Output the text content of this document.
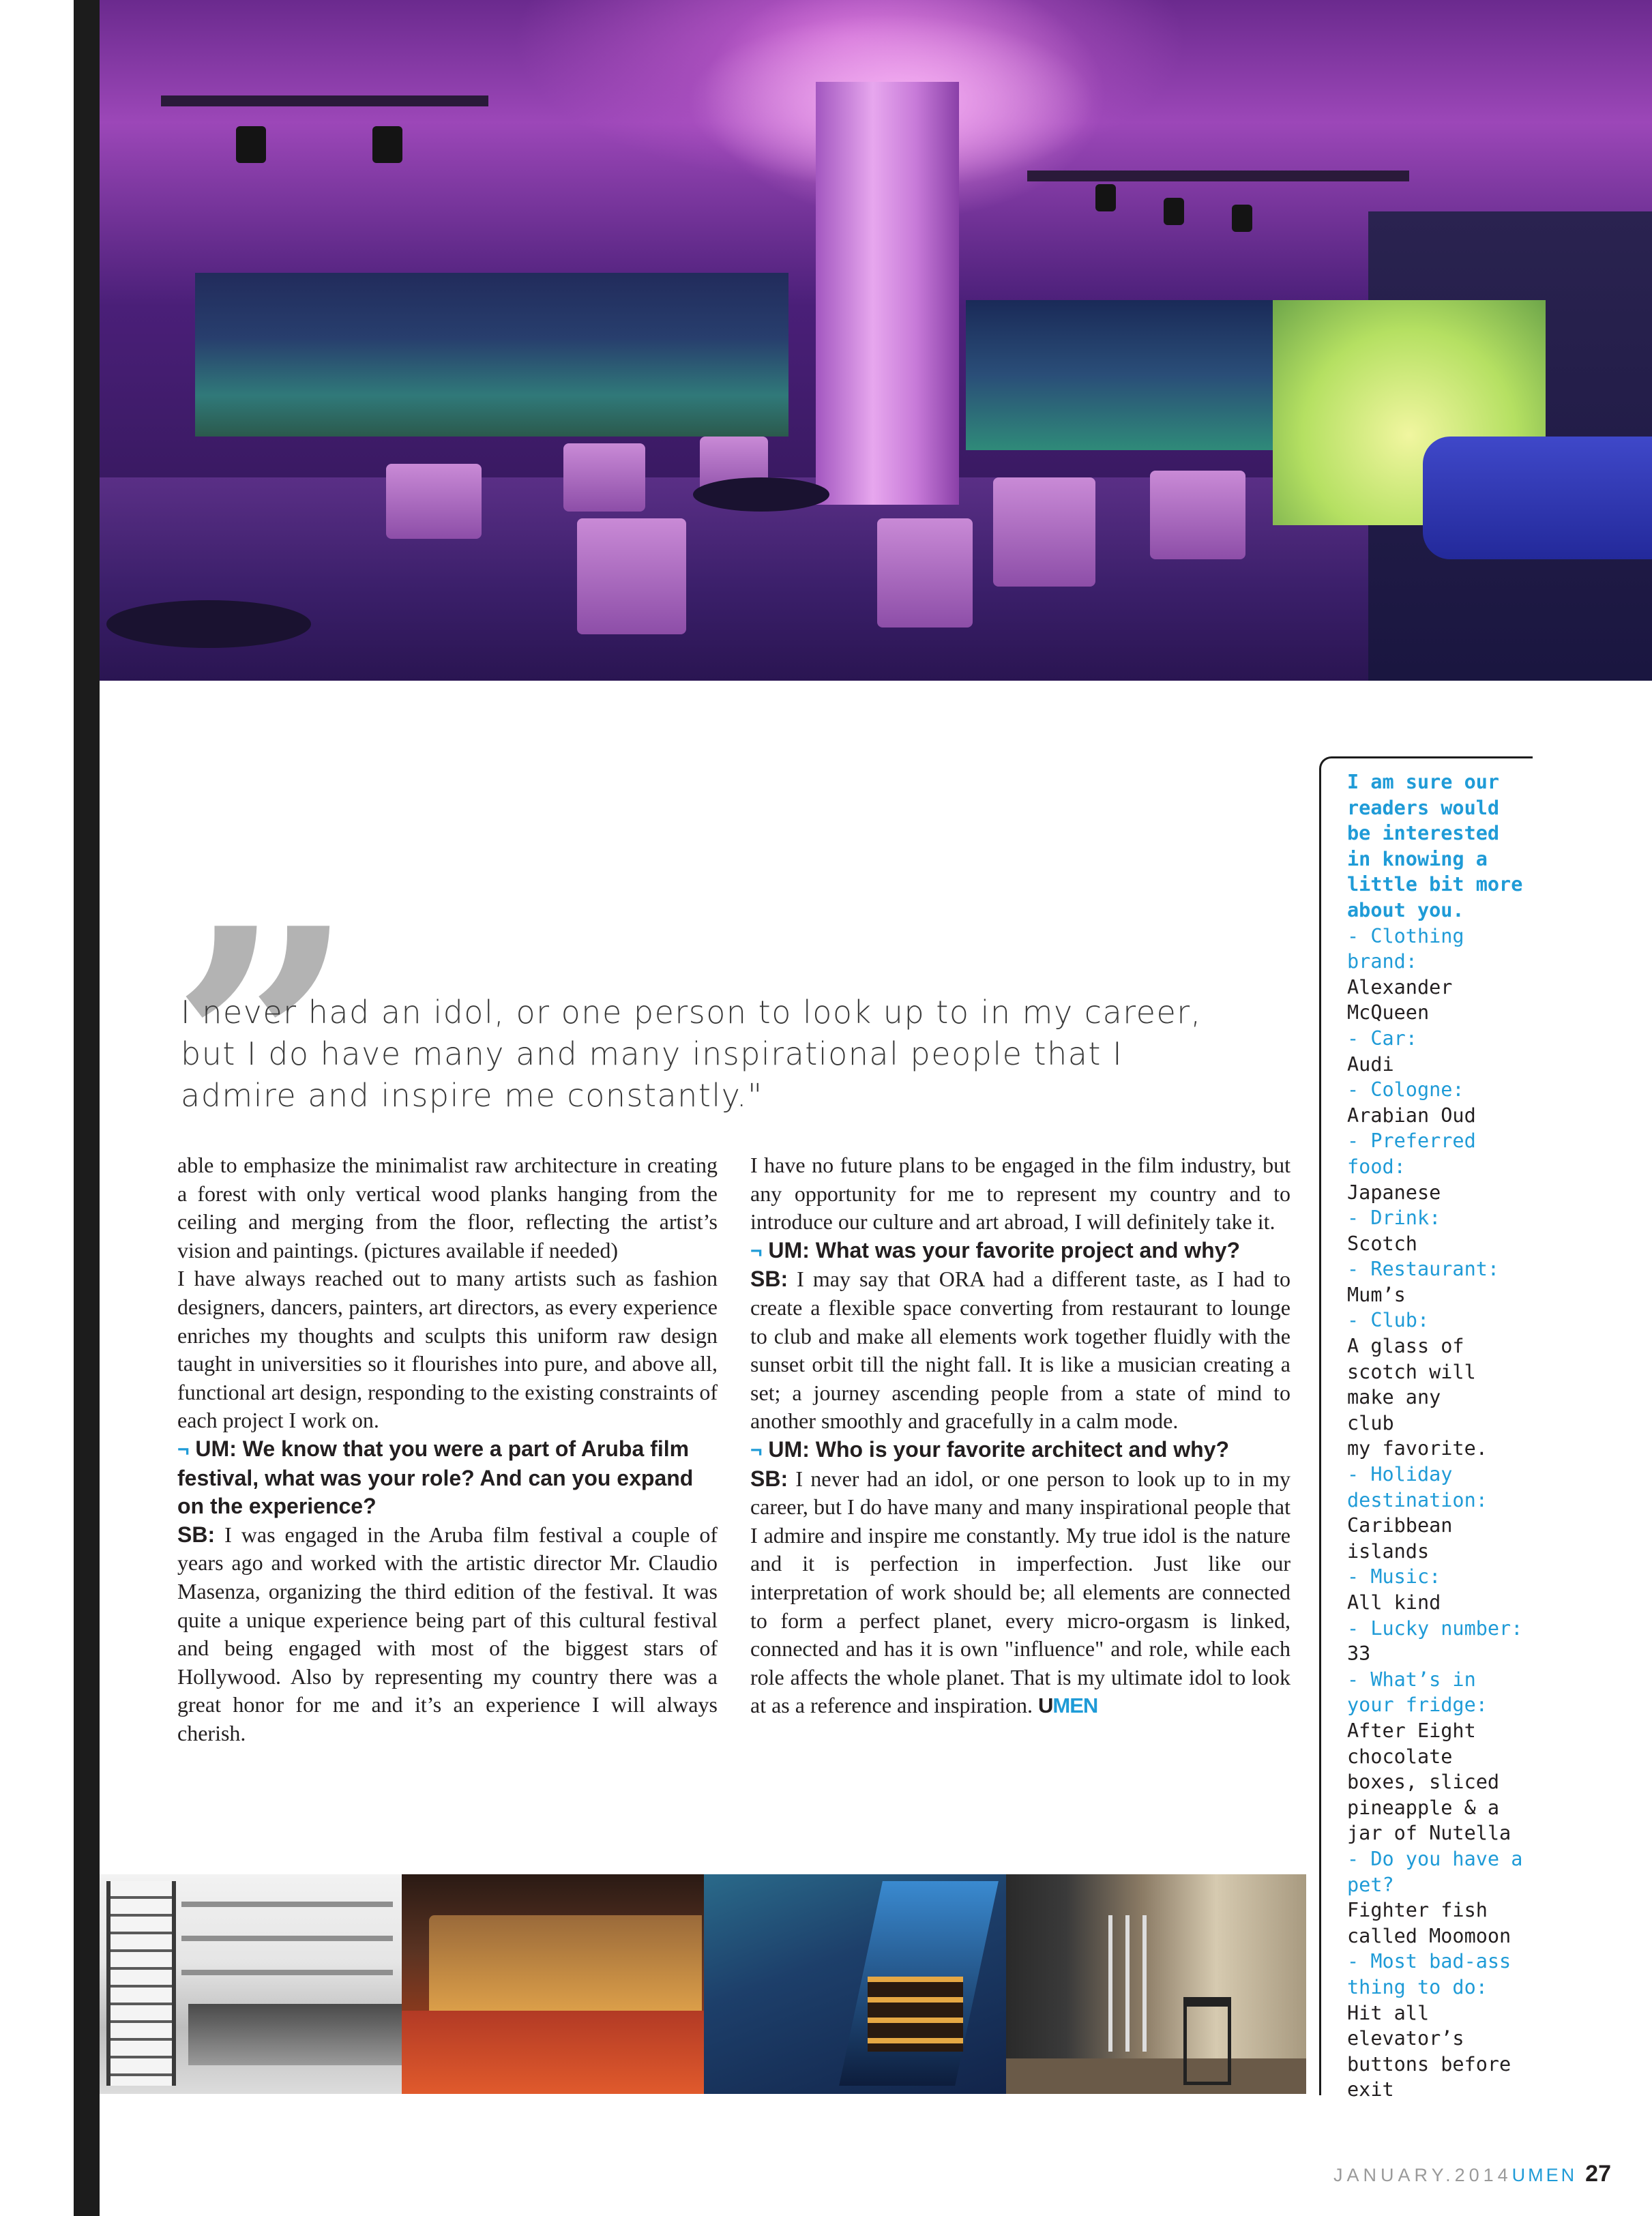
”
I never had an idol, or one person to look up to in my career,
but I do have many and many inspirational people that I
admire and inspire me constantly."

able to emphasize the minimalist raw architecture in creating a forest with only vertical wood planks hanging from the ceiling and merging from the floor, reflecting the artist’s vision and paintings. (pictures available if needed)

I have always reached out to many artists such as fashion designers, dancers, painters, art directors, as every experience enriches my thoughts and sculpts this uniform raw design taught in universities so it flourishes into pure, and above all, functional art design, responding to the existing constraints of each project I work on.

¬ UM: We know that you were a part of Aruba film festival, what was your role? And can you expand on the experience?

SB: I was engaged in the Aruba film festival a couple of years ago and worked with the artistic director Mr. Claudio Masenza, organizing the third edition of the festival. It was quite a unique experience being part of this cultural festival and being engaged with most of the biggest stars of Hollywood. Also by representing my country there was a great honor for me and it’s an experience I will always cherish.

I have no future plans to be engaged in the film industry, but any opportunity for me to represent my country and to introduce our culture and art abroad, I will definitely take it.

¬ UM: What was your favorite project and why?

SB: I may say that ORA had a different taste, as I had to create a flexible space converting from restaurant to lounge to club and make all elements work together fluidly with the sunset orbit till the night fall. It is like a musician creating a set; a journey ascending people from a state of mind to another smoothly and gracefully in a calm mode.

¬ UM: Who is your favorite architect and why?

SB: I never had an idol, or one person to look up to in my career, but I do have many and many inspirational people that I admire and inspire me constantly. My true idol is the nature and it is perfection in imperfection. Just like our interpretation of work should be; all elements are connected to form a perfect planet, every micro-orgasm is linked, connected and has it is own "influence" and role, while each role affects the whole planet. That is my ultimate idol to look at as a reference and inspiration. UMEN

I am sure our
readers would
be interested
in knowing a
little bit more
about you.
- Clothing
brand:
Alexander
McQueen
- Car:
Audi
- Cologne:
Arabian Oud
- Preferred
food:
Japanese
- Drink:
Scotch
- Restaurant:
Mum’s
- Club:
A glass of
scotch will
make any
club
my favorite.
- Holiday
destination:
Caribbean
islands
- Music:
All kind
- Lucky number:
33
- What’s in
your fridge:
After Eight
chocolate
boxes, sliced
pineapple & a
jar of Nutella
- Do you have a
pet?
Fighter fish
called Moomoon
- Most bad-ass
thing to do:
Hit all
elevator’s
buttons before
exit
JANUARY.2014UMEN 27
